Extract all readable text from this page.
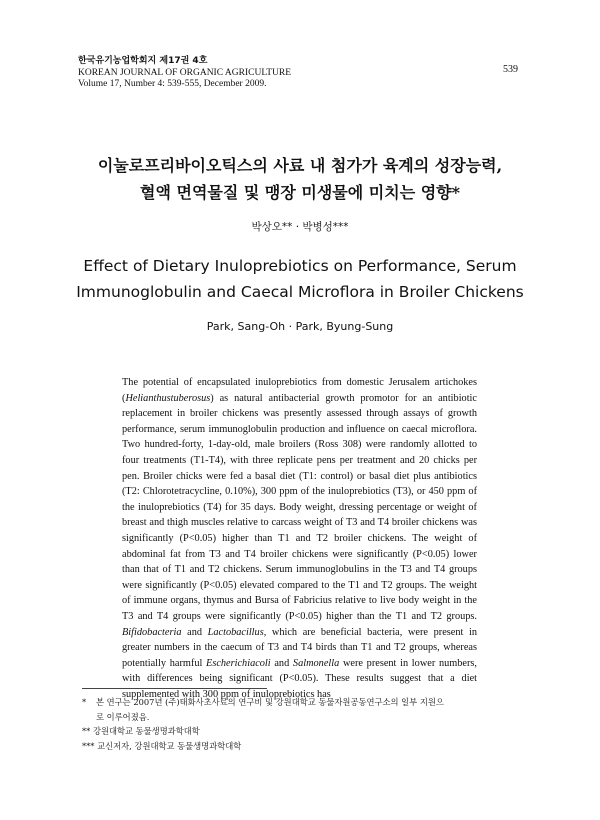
한국유기농업학회지 제17권 4호
KOREAN JOURNAL OF ORGANIC AGRICULTURE
Volume 17, Number 4: 539-555, December 2009.
539
이눌로프리바이오틱스의 사료 내 첨가가 육계의 성장능력,
혈액 면역물질 및 맹장 미생물에 미치는 영향*
박상오** · 박병성***
Effect of Dietary Inuloprebiotics on Performance, Serum
Immunoglobulin and Caecal Microflora in Broiler Chickens
Park, Sang-Oh · Park, Byung-Sung
The potential of encapsulated inuloprebiotics from domestic Jerusalem artichokes (Helianthustuberosus) as natural antibacterial growth promotor for an antibiotic replacement in broiler chickens was presently assessed through assays of growth performance, serum immunoglobulin production and influence on caecal microflora. Two hundred-forty, 1-day-old, male broilers (Ross 308) were randomly allotted to four treatments (T1-T4), with three replicate pens per treatment and 20 chicks per pen. Broiler chicks were fed a basal diet (T1: control) or basal diet plus antibiotics (T2: Chlorotetracycline, 0.10%), 300 ppm of the inuloprebiotics (T3), or 450 ppm of the inuloprebiotics (T4) for 35 days. Body weight, dressing percentage or weight of breast and thigh muscles relative to carcass weight of T3 and T4 broiler chickens was significantly (P<0.05) higher than T1 and T2 broiler chickens. The weight of abdominal fat from T3 and T4 broiler chickens were significantly (P<0.05) lower than that of T1 and T2 chickens. Serum immunoglobulins in the T3 and T4 groups were significantly (P<0.05) elevated compared to the T1 and T2 groups. The weight of immune organs, thymus and Bursa of Fabricius relative to live body weight in the T3 and T4 groups were significantly (P<0.05) higher than the T1 and T2 groups. Bifidobacteria and Lactobacillus, which are beneficial bacteria, were present in greater numbers in the caecum of T3 and T4 birds than T1 and T2 groups, whereas potentially harmful Escherichiacoli and Salmonella were present in lower numbers, with differences being significant (P<0.05). These results suggest that a diet supplemented with 300 ppm of inuloprebiotics has
* 본 연구는 2007년 (주)태화사초사료의 연구비 및 강원대학교 동물자원공동연구소의 일부 지원으
로 이루어졌음.
** 강원대학교 동물생명과학대학
*** 교신저자, 강원대학교 동물생명과학대학
